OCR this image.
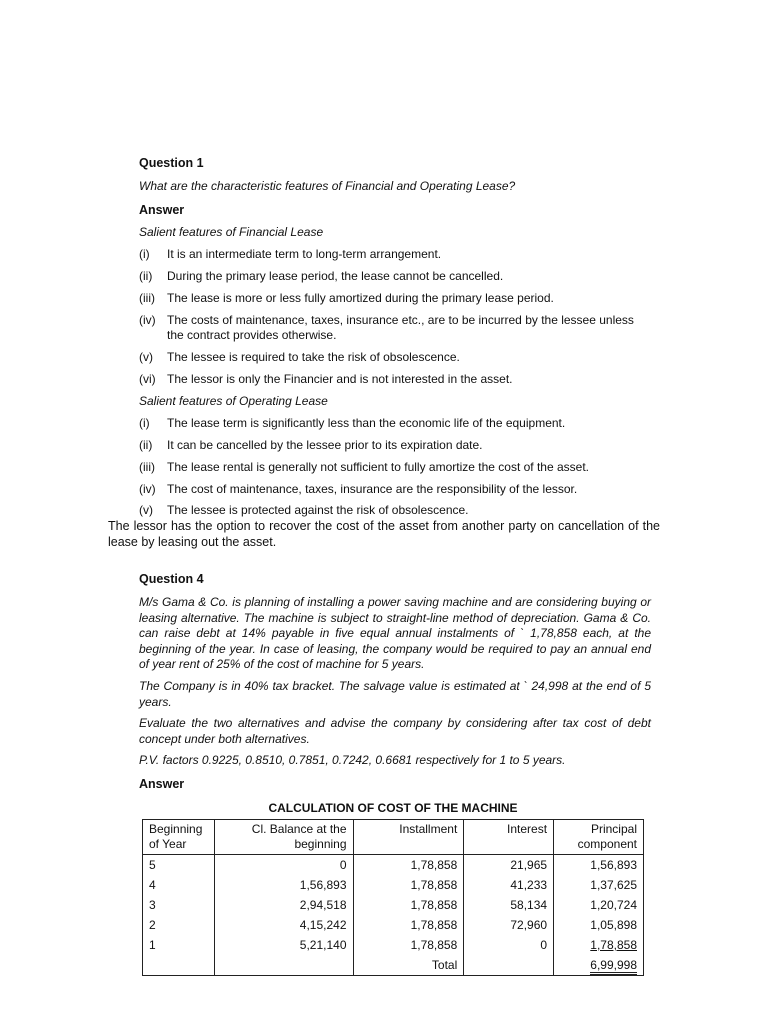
Question 1
What are the characteristic features of Financial and Operating Lease?
Answer
Salient features of Financial Lease
(i) It is an intermediate term to long-term arrangement.
(ii) During the primary lease period, the lease cannot be cancelled.
(iii) The lease is more or less fully amortized during the primary lease period.
(iv) The costs of maintenance, taxes, insurance etc., are to be incurred by the lessee unless the contract provides otherwise.
(v) The lessee is required to take the risk of obsolescence.
(vi) The lessor is only the Financier and is not interested in the asset.
Salient features of Operating Lease
(i) The lease term is significantly less than the economic life of the equipment.
(ii) It can be cancelled by the lessee prior to its expiration date.
(iii) The lease rental is generally not sufficient to fully amortize the cost of the asset.
(iv) The cost of maintenance, taxes, insurance are the responsibility of the lessor.
(v) The lessee is protected against the risk of obsolescence.
The lessor has the option to recover the cost of the asset from another party on cancellation of the lease by leasing out the asset.
Question 4
M/s Gama & Co. is planning of installing a power saving machine and are considering buying or leasing alternative. The machine is subject to straight-line method of depreciation. Gama & Co. can raise debt at 14% payable in five equal annual instalments of ` 1,78,858 each, at the beginning of the year. In case of leasing, the company would be required to pay an annual end of year rent of 25% of the cost of machine for 5 years.
The Company is in 40% tax bracket. The salvage value is estimated at ` 24,998 at the end of 5 years.
Evaluate the two alternatives and advise the company by considering after tax cost of debt concept under both alternatives.
P.V. factors 0.9225, 0.8510, 0.7851, 0.7242, 0.6681 respectively for 1 to 5 years.
Answer
CALCULATION OF COST OF THE MACHINE
Beginning of Year	Cl. Balance at the beginning	Installment	Interest	Principal component
5	0	1,78,858	21,965	1,56,893
4	1,56,893	1,78,858	41,233	1,37,625
3	2,94,518	1,78,858	58,134	1,20,724
2	4,15,242	1,78,858	72,960	1,05,898
1	5,21,140	1,78,858	0	1,78,858
		Total		6,99,998
